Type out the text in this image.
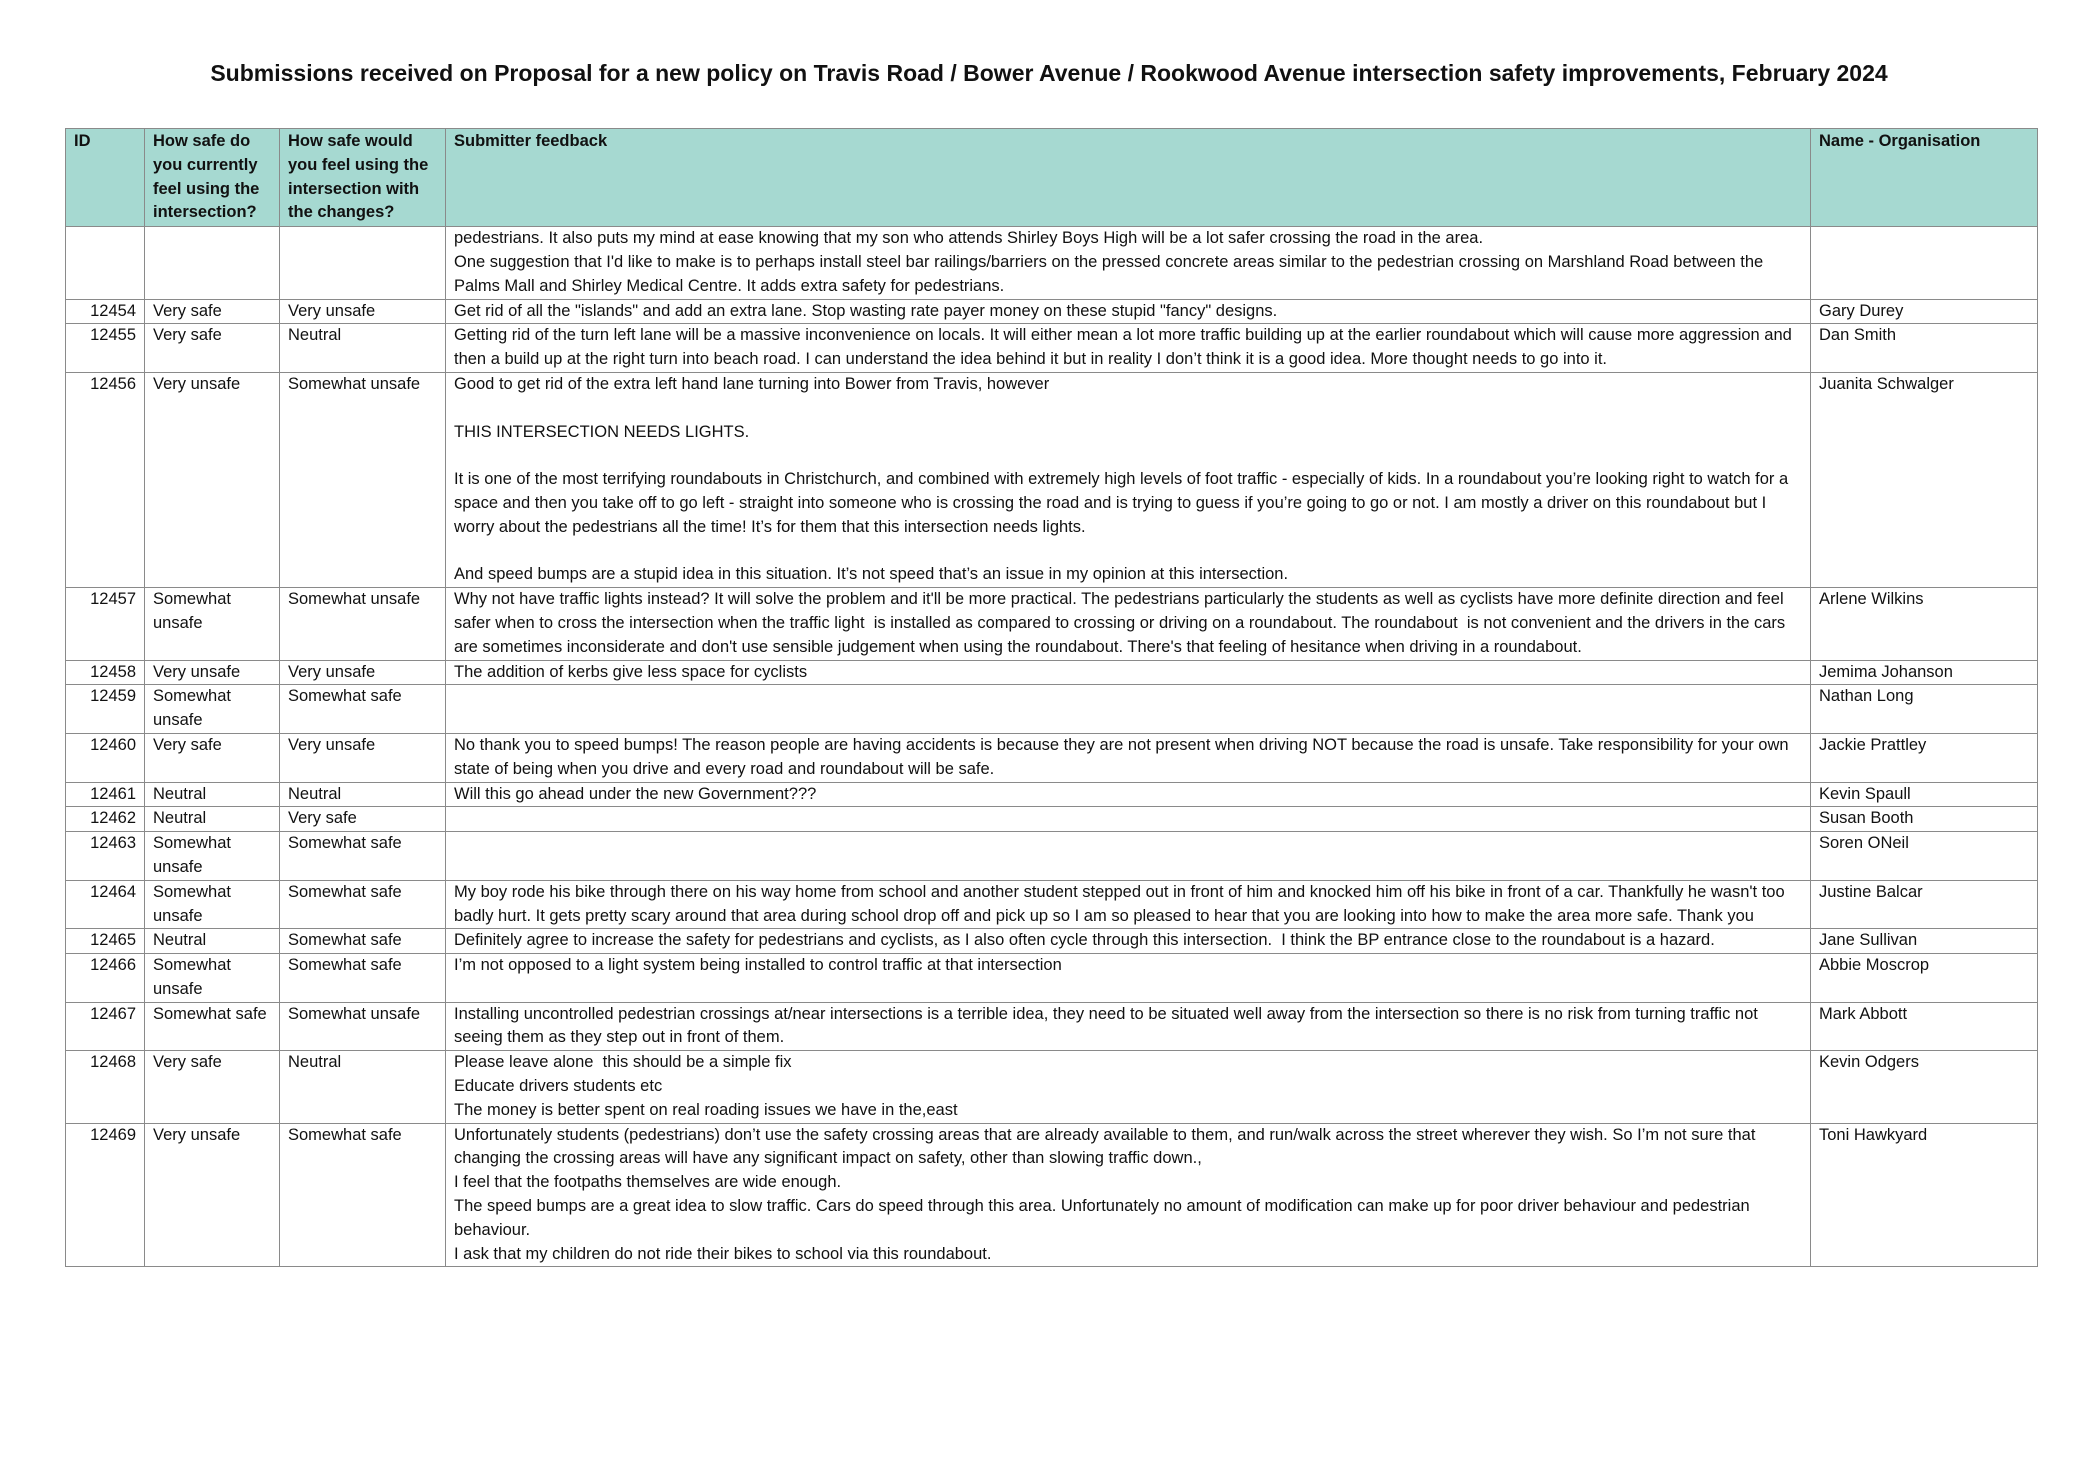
Submissions received on Proposal for a new policy on Travis Road / Bower Avenue / Rookwood Avenue intersection safety improvements, February 2024
ID	How safe do you currently feel using the intersection?	How safe would you feel using the intersection with the changes?	Submitter feedback	Name - Organisation
			pedestrians. It also puts my mind at ease knowing that my son who attends Shirley Boys High will be a lot safer crossing the road in the area.
One suggestion that I'd like to make is to perhaps install steel bar railings/barriers on the pressed concrete areas similar to the pedestrian crossing on Marshland Road between the Palms Mall and Shirley Medical Centre. It adds extra safety for pedestrians.	
12454	Very safe	Very unsafe	Get rid of all the "islands" and add an extra lane. Stop wasting rate payer money on these stupid "fancy" designs.	Gary Durey
12455	Very safe	Neutral	Getting rid of the turn left lane will be a massive inconvenience on locals. It will either mean a lot more traffic building up at the earlier roundabout which will cause more aggression and then a build up at the right turn into beach road. I can understand the idea behind it but in reality I don’t think it is a good idea. More thought needs to go into it.	Dan Smith
12456	Very unsafe	Somewhat unsafe	Good to get rid of the extra left hand lane turning into Bower from Travis, however

THIS INTERSECTION NEEDS LIGHTS.

It is one of the most terrifying roundabouts in Christchurch, and combined with extremely high levels of foot traffic - especially of kids. In a roundabout you’re looking right to watch for a space and then you take off to go left - straight into someone who is crossing the road and is trying to guess if you’re going to go or not. I am mostly a driver on this roundabout but I worry about the pedestrians all the time! It’s for them that this intersection needs lights.

And speed bumps are a stupid idea in this situation. It’s not speed that’s an issue in my opinion at this intersection.	Juanita Schwalger
12457	Somewhat unsafe	Somewhat unsafe	Why not have traffic lights instead? It will solve the problem and it'll be more practical. The pedestrians particularly the students as well as cyclists have more definite direction and feel safer when to cross the intersection when the traffic light  is installed as compared to crossing or driving on a roundabout. The roundabout  is not convenient and the drivers in the cars are sometimes inconsiderate and don't use sensible judgement when using the roundabout. There's that feeling of hesitance when driving in a roundabout.	Arlene Wilkins
12458	Very unsafe	Very unsafe	The addition of kerbs give less space for cyclists	Jemima Johanson
12459	Somewhat unsafe	Somewhat safe		Nathan Long
12460	Very safe	Very unsafe	No thank you to speed bumps! The reason people are having accidents is because they are not present when driving NOT because the road is unsafe. Take responsibility for your own state of being when you drive and every road and roundabout will be safe.	Jackie Prattley
12461	Neutral	Neutral	Will this go ahead under the new Government???	Kevin Spaull
12462	Neutral	Very safe		Susan Booth
12463	Somewhat unsafe	Somewhat safe		Soren ONeil
12464	Somewhat unsafe	Somewhat safe	My boy rode his bike through there on his way home from school and another student stepped out in front of him and knocked him off his bike in front of a car. Thankfully he wasn't too badly hurt. It gets pretty scary around that area during school drop off and pick up so I am so pleased to hear that you are looking into how to make the area more safe. Thank you	Justine Balcar
12465	Neutral	Somewhat safe	Definitely agree to increase the safety for pedestrians and cyclists, as I also often cycle through this intersection.  I think the BP entrance close to the roundabout is a hazard.	Jane Sullivan
12466	Somewhat unsafe	Somewhat safe	I’m not opposed to a light system being installed to control traffic at that intersection	Abbie Moscrop
12467	Somewhat safe	Somewhat unsafe	Installing uncontrolled pedestrian crossings at/near intersections is a terrible idea, they need to be situated well away from the intersection so there is no risk from turning traffic not seeing them as they step out in front of them.	Mark Abbott
12468	Very safe	Neutral	Please leave alone  this should be a simple fix
Educate drivers students etc
The money is better spent on real roading issues we have in the,east	Kevin Odgers
12469	Very unsafe	Somewhat safe	Unfortunately students (pedestrians) don’t use the safety crossing areas that are already available to them, and run/walk across the street wherever they wish. So I’m not sure that changing the crossing areas will have any significant impact on safety, other than slowing traffic down.,
I feel that the footpaths themselves are wide enough.
The speed bumps are a great idea to slow traffic. Cars do speed through this area. Unfortunately no amount of modification can make up for poor driver behaviour and pedestrian behaviour.
I ask that my children do not ride their bikes to school via this roundabout.	Toni Hawkyard
